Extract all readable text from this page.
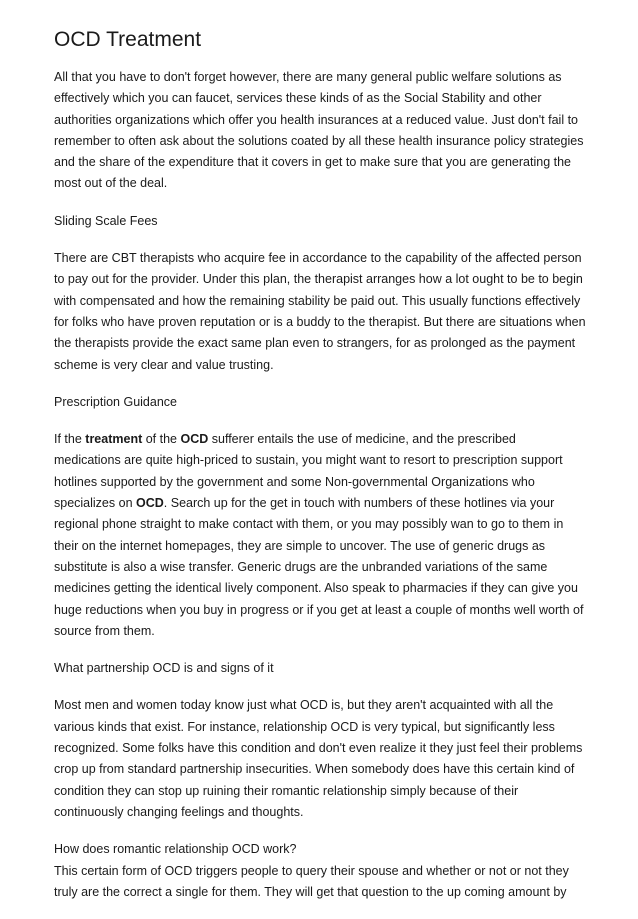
OCD Treatment

All that you have to don't forget however, there are many general public welfare solutions as effectively which you can faucet, services these kinds of as the Social Stability and other authorities organizations which offer you health insurances at a reduced value. Just don't fail to remember to often ask about the solutions coated by all these health insurance policy strategies and the share of the expenditure that it covers in get to make sure that you are generating the most out of the deal.

Sliding Scale Fees

There are CBT therapists who acquire fee in accordance to the capability of the affected person to pay out for the provider. Under this plan, the therapist arranges how a lot ought to be to begin with compensated and how the remaining stability be paid out. This usually functions effectively for folks who have proven reputation or is a buddy to the therapist. But there are situations when the therapists provide the exact same plan even to strangers, for as prolonged as the payment scheme is very clear and value trusting.

Prescription Guidance

If the treatment of the OCD sufferer entails the use of medicine, and the prescribed medications are quite high-priced to sustain, you might want to resort to prescription support hotlines supported by the government and some Non-governmental Organizations who specializes on OCD. Search up for the get in touch with numbers of these hotlines via your regional phone straight to make contact with them, or you may possibly wan to go to them in their on the internet homepages, they are simple to uncover. The use of generic drugs as substitute is also a wise transfer. Generic drugs are the unbranded variations of the same medicines getting the identical lively component. Also speak to pharmacies if they can give you huge reductions when you buy in progress or if you get at least a couple of months well worth of source from them.

What partnership OCD is and signs of it

Most men and women today know just what OCD is, but they aren't acquainted with all the various kinds that exist. For instance, relationship OCD is very typical, but significantly less recognized. Some folks have this condition and don't even realize it they just feel their problems crop up from standard partnership insecurities. When somebody does have this certain kind of condition they can stop up ruining their romantic relationship simply because of their continuously changing feelings and thoughts.

How does romantic relationship OCD work?

This certain form of OCD triggers people to query their spouse and whether or not or not they truly are the correct a single for them. They will get that question to the up coming amount by
